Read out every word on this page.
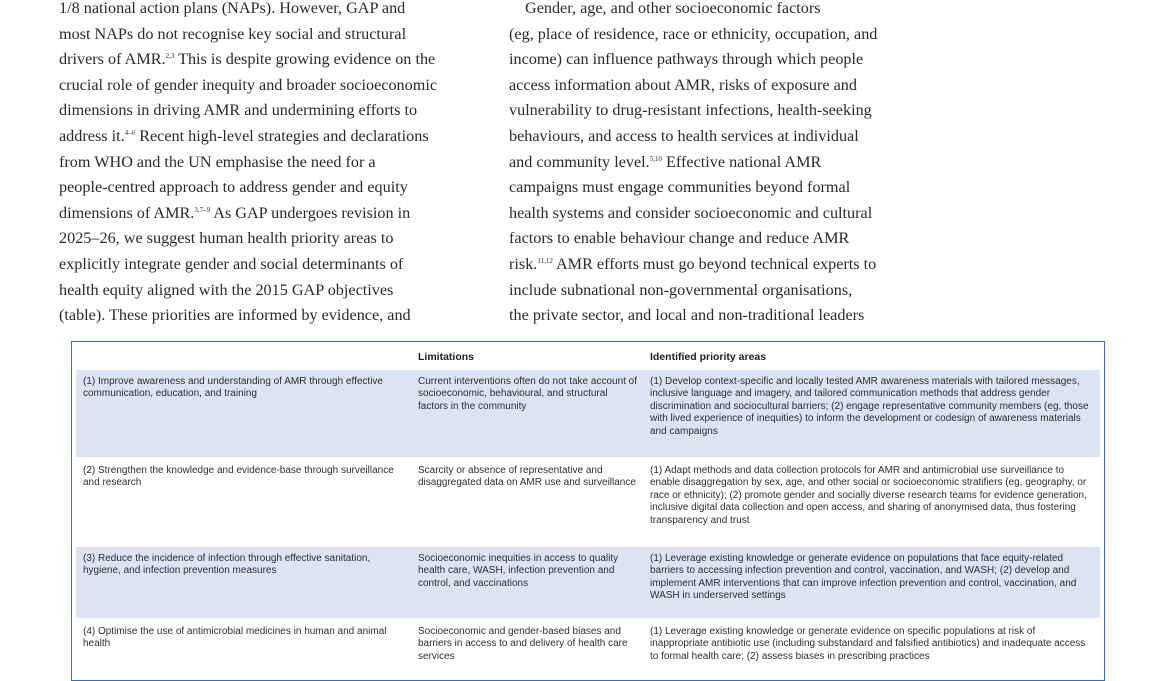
1/8 national action plans (NAPs). However, GAP and
most NAPs do not recognise key social and structural
drivers of AMR.$^{2,3}$ This is despite growing evidence on the
crucial role of gender inequity and broader socioeconomic
dimensions in driving AMR and undermining efforts to
address it.$^{4-6}$ Recent high-level strategies and declarations
from WHO and the UN emphasise the need for a
people-centred approach to address gender and equity
dimensions of AMR.$^{3,7-9}$ As GAP undergoes revision in
2025–26, we suggest human health priority areas to
explicitly integrate gender and social determinants of
health equity aligned with the 2015 GAP objectives
(table). These priorities are informed by evidence, and
Gender, age, and other socioeconomic factors
(eg, place of residence, race or ethnicity, occupation, and
income) can influence pathways through which people
access information about AMR, risks of exposure and
vulnerability to drug-resistant infections, health-seeking
behaviours, and access to health services at individual
and community level.$^{5,10}$ Effective national AMR
campaigns must engage communities beyond formal
health systems and consider socioeconomic and cultural
factors to enable behaviour change and reduce AMR
risk.$^{11,12}$ AMR efforts must go beyond technical experts to
include subnational non-governmental organisations,
the private sector, and local and non-traditional leaders
Limitations	Identified priority areas
(1) Improve awareness and understanding of AMR through effective communication, education, and training
Current interventions often do not take account of socioeconomic, behavioural, and structural factors in the community
(1) Develop context-specific and locally tested AMR awareness materials with tailored messages, inclusive language and imagery, and tailored communication methods that address gender discrimination and sociocultural barriers; (2) engage representative community members (eg, those with lived experience of inequities) to inform the development or codesign of awareness materials and campaigns
(2) Strengthen the knowledge and evidence-base through surveillance and research
Scarcity or absence of representative and disaggregated data on AMR use and surveillance
(1) Adapt methods and data collection protocols for AMR and antimicrobial use surveillance to enable disaggregation by sex, age, and other social or socioeconomic stratifiers (eg, geography, or race or ethnicity); (2) promote gender and socially diverse research teams for evidence generation, inclusive digital data collection and open access, and sharing of anonymised data, thus fostering transparency and trust
(3) Reduce the incidence of infection through effective sanitation, hygiene, and infection prevention measures
Socioeconomic inequities in access to quality health care, WASH, infection prevention and control, and vaccinations
(1) Leverage existing knowledge or generate evidence on populations that face equity-related barriers to accessing infection prevention and control, vaccination, and WASH; (2) develop and implement AMR interventions that can improve infection prevention and control, vaccination, and WASH in underserved settings
(4) Optimise the use of antimicrobial medicines in human and animal health
Socioeconomic and gender-based biases and barriers in access to and delivery of health care services
(1) Leverage existing knowledge or generate evidence on specific populations at risk of inappropriate antibiotic use (including substandard and falsified antibiotics) and inadequate access to formal health care; (2) assess biases in prescribing practices
